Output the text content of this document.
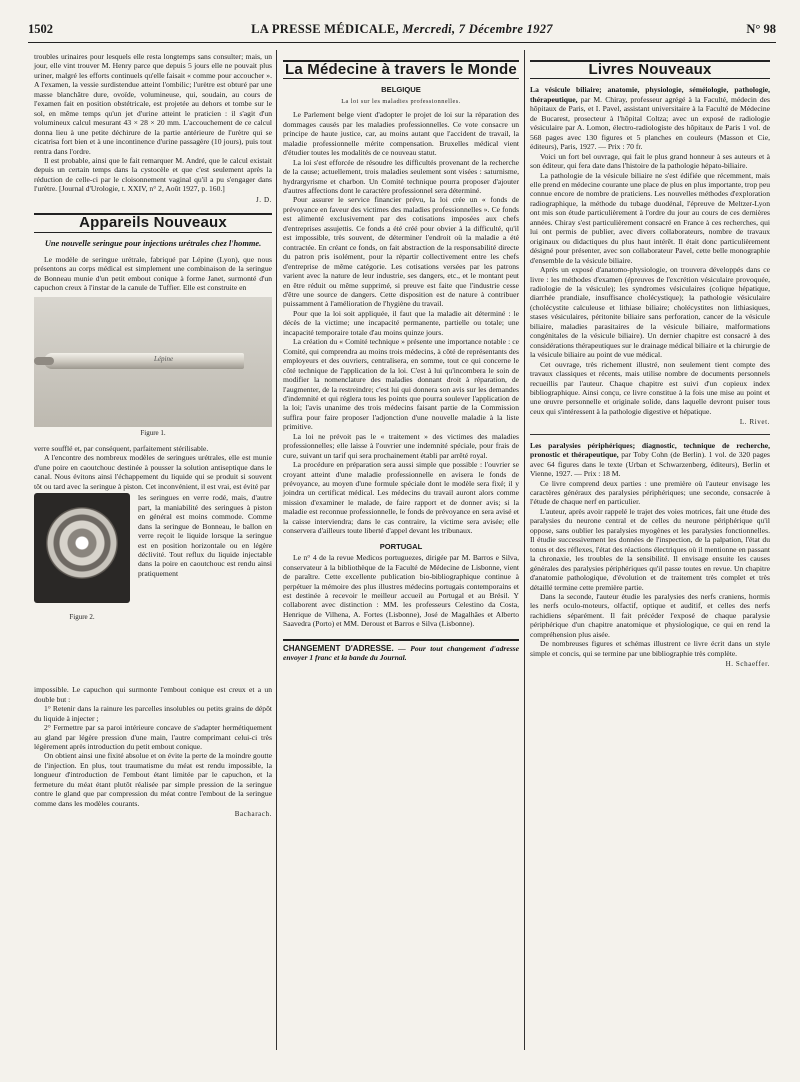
1502	LA PRESSE MÉDICALE, Mercredi, 7 Décembre 1927	N° 98

troubles urinaires pour lesquels elle resta longtemps sans consulter; mais, un jour, elle vint trouver M. Henry parce que depuis 5 jours elle ne pouvait plus uriner, malgré les efforts continuels qu'elle faisait « comme pour accoucher ». A l'examen, la vessie surdistendue atteint l'ombilic; l'urètre est obturé par une masse blanchâtre dure, ovoïde, volumineuse, qui, soudain, au cours de l'examen fait en position obstétricale, est projetée au dehors et tombe sur le sol, en même temps qu'un jet d'urine atteint le praticien : il s'agit d'un volumineux calcul mesurant 43 × 28 × 20 mm. L'accouchement de ce calcul donna lieu à une petite déchirure de la partie antérieure de l'urètre qui se cicatrisa fort bien et à une incontinence d'urine passagère (10 jours), puis tout rentra dans l'ordre.

Il est probable, ainsi que le fait remarquer M. André, que le calcul existait depuis un certain temps dans la cystocèle et que c'est seulement après la réduction de celle-ci par le cloisonnement vaginal qu'il a pu s'engager dans l'urètre. [Journal d'Urologie, t. XXIV, n° 2, Août 1927, p. 160.]

J. D.
Appareils Nouveaux
Une nouvelle seringue pour injections urétrales chez l'homme.

Le modèle de seringue urétrale, fabriqué par Lépine (Lyon), que nous présentons au corps médical est simplement une combinaison de la seringue de Bonneau munie d'un petit embout conique à forme Janet, surmonté d'un capuchon creux à l'instar de la canule de Tuffier. Elle est construite en

Lépine
Figure 1.

verre soufflé et, par conséquent, parfaitement stérilisable.

A l'encontre des nombreux modèles de seringues urétrales, elle est munie d'une poire en caoutchouc destinée à pousser la solution antiseptique dans le canal. Nous évitons ainsi l'échappement du liquide qui se produit si souvent tôt ou tard avec la seringue à piston. Cet inconvénient, il est vrai, est évité par

Figure 2.

les seringues en verre rodé, mais, d'autre part, la maniabilité des seringues à piston en général est moins commode. Comme dans la seringue de Bonneau, le ballon en verre reçoit le liquide lorsque la seringue est en position horizontale ou en légère déclivité. Tout reflux du liquide injectable dans la poire en caoutchouc est rendu ainsi pratiquement

impossible. Le capuchon qui surmonte l'embout conique est creux et a un double but :

1° Retenir dans la rainure les parcelles insolubles ou petits grains de dépôt du liquide à injecter ;

2° Fermettre par sa paroi intérieure concave de s'adapter hermétiquement au gland par légère pression d'une main, l'autre comprimant celui-ci très légèrement après introduction du petit embout conique.

On obtient ainsi une fixité absolue et on évite la perte de la moindre goutte de l'injection. En plus, tout traumatisme du méat est rendu impossible, la longueur d'introduction de l'embout étant limitée par le capuchon, et la fermeture du méat étant plutôt réalisée par simple pression de la seringue contre le gland que par compression du méat contre l'embout de la seringue comme dans les modèles courants.

Bacharach.
La Médecine à travers le Monde
BELGIQUE
La loi sur les maladies professionnelles.

Le Parlement belge vient d'adopter le projet de loi sur la réparation des dommages causés par les maladies professionnelles. Ce vote consacre un principe de haute justice, car, au moins autant que l'accident de travail, la maladie professionnelle mérite compensation. Bruxelles médical vient d'étudier toutes les modalités de ce nouveau statut.

La loi s'est efforcée de résoudre les difficultés provenant de la recherche de la cause; actuellement, trois maladies seulement sont visées : saturnisme, hydrargyrisme et charbon. Un Comité technique pourra proposer d'ajouter d'autres affections dont le caractère professionnel sera déterminé.

Pour assurer le service financier prévu, la loi crée un « fonds de prévoyance en faveur des victimes des maladies professionnelles ». Ce fonds est alimenté exclusivement par des cotisations imposées aux chefs d'entreprises assujettis. Ce fonds a été créé pour obvier à la difficulté, qu'il est impossible, très souvent, de déterminer l'endroit où la maladie a été contractée. En créant ce fonds, on fait abstraction de la responsabilité directe du patron pris isolément, pour la répartir collectivement entre les chefs d'entreprise de même catégorie. Les cotisations versées par les patrons varient avec la nature de leur industrie, ses dangers, etc., et le montant peut en être réduit ou même supprimé, si preuve est faite que l'industrie cesse d'être une source de dangers. Cette disposition est de nature à contribuer puissamment à l'amélioration de l'hygiène du travail.

Pour que la loi soit appliquée, il faut que la maladie ait déterminé : le décès de la victime; une incapacité permanente, partielle ou totale; une incapacité temporaire totale d'au moins quinze jours.

La création du « Comité technique » présente une importance notable : ce Comité, qui comprendra au moins trois médecins, à côté de représentants des employeurs et des ouvriers, centralisera, en somme, tout ce qui concerne le côté technique de l'application de la loi. C'est à lui qu'incombera le soin de modifier la nomenclature des maladies donnant droit à réparation, de l'augmenter, de la restreindre; c'est lui qui donnera son avis sur les demandes d'indemnité et qui réglera tous les points que pourra soulever l'application de la loi; l'avis unanime des trois médecins faisant partie de la Commission suffira pour faire proposer l'adjonction d'une nouvelle maladie à la liste primitive.

La loi ne prévoit pas le « traitement » des victimes des maladies professionnelles; elle laisse à l'ouvrier une indemnité spéciale, pour frais de cure, suivant un tarif qui sera prochainement établi par arrêté royal.

La procédure en préparation sera aussi simple que possible : l'ouvrier se croyant atteint d'une maladie professionnelle en avisera le fonds de prévoyance, au moyen d'une formule spéciale dont le modèle sera fixé; il y joindra un certificat médical. Les médecins du travail auront alors comme mission d'examiner le malade, de faire rapport et de donner avis; si la maladie est reconnue professionnelle, le fonds de prévoyance en sera avisé et la caisse interviendra; dans le cas contraire, la victime sera avisée; elle conservera d'ailleurs toute liberté d'appel devant les tribunaux.

PORTUGAL

Le n° 4 de la revue Medicos portuguezes, dirigée par M. Barros e Silva, conservateur à la bibliothèque de la Faculté de Médecine de Lisbonne, vient de paraître. Cette excellente publication bio-bibliographique continue à perpétuer la mémoire des plus illustres médecins portugais contemporains et est destinée à recevoir le meilleur accueil au Portugal et au Brésil. Y collaborent avec distinction : MM. les professeurs Celestino da Costa, Henrique de Vilhena, A. Fortes (Lisbonne), José de Magalhães et Alberto Saavedra (Porto) et MM. Deroust et Barros e Silva (Lisbonne).

CHANGEMENT D'ADRESSE. — Pour tout changement d'adresse envoyer 1 franc et la bande du Journal.
Livres Nouveaux

La vésicule biliaire; anatomie, physiologie, séméiologie, pathologie, thérapeutique, par M. Chiray, professeur agrégé à la Faculté, médecin des hôpitaux de Paris, et I. Pavel, assistant universitaire à la Faculté de Médecine de Bucarest, prosecteur à l'hôpital Coltza; avec un exposé de radiologie vésiculaire par A. Lomon, électro-radiologiste des hôpitaux de Paris 1 vol. de 568 pages avec 130 figures et 5 planches en couleurs (Masson et Cie, éditeurs), Paris, 1927. — Prix : 70 fr.

Voici un fort bel ouvrage, qui fait le plus grand honneur à ses auteurs et à son éditeur, qui fera date dans l'histoire de la pathologie hépato-biliaire.

La pathologie de la vésicule biliaire ne s'est édifiée que récemment, mais elle prend en médecine courante une place de plus en plus importante, trop peu connue encore de nombre de praticiens. Les nouvelles méthodes d'exploration radiographique, la méthode du tubage duodénal, l'épreuve de Meltzer-Lyon ont mis son étude particulièrement à l'ordre du jour au cours de ces dernières années. Chiray s'est particulièrement consacré en France à ces recherches, qui lui ont permis de publier, avec divers collaborateurs, nombre de travaux originaux ou didactiques du plus haut intérêt. Il était donc particulièrement désigné pour présenter, avec son collaborateur Pavel, cette belle monographie d'ensemble de la vésicule biliaire.

Après un exposé d'anatomo-physiologie, on trouvera développés dans ce livre : les méthodes d'examen (épreuves de l'excrétion vésiculaire provoquée, radiologie de la vésicule); les syndromes vésiculaires (colique hépatique, diarrhée prandiale, insuffisance cholécystique); la pathologie vésiculaire (cholécystite calculeuse et lithiase biliaire; cholécystites non lithiasiques, stases vésiculaires, péritonite biliaire sans perforation, cancer de la vésicule biliaire, maladies parasitaires de la vésicule biliaire, malformations congénitales de la vésicule biliaire). Un dernier chapitre est consacré à des considérations thérapeutiques sur le drainage médical biliaire et la chirurgie de la vésicule biliaire au point de vue médical.

Cet ouvrage, très richement illustré, non seulement tient compte des travaux classiques et récents, mais utilise nombre de documents personnels recueillis par l'auteur. Chaque chapitre est suivi d'un copieux index bibliographique. Ainsi conçu, ce livre constitue à la fois une mise au point et une œuvre personnelle et originale solide, dans laquelle devront puiser tous ceux qui s'intéressent à la pathologie digestive et hépatique.

L. Rivet.

Les paralysies périphériques; diagnostic, technique de recherche, pronostic et thérapeutique, par Toby Cohn (de Berlin). 1 vol. de 320 pages avec 64 figures dans le texte (Urban et Schwarzenberg, éditeurs), Berlin et Vienne, 1927. — Prix : 18 M.

Ce livre comprend deux parties : une première où l'auteur envisage les caractères généraux des paralysies périphériques; une seconde, consacrée à l'étude de chaque nerf en particulier.

L'auteur, après avoir rappelé le trajet des voies motrices, fait une étude des paralysies du neurone central et de celles du neurone périphérique qu'il oppose, sans oublier les paralysies myogènes et les paralysies fonctionnelles. Il étudie successivement les données de l'inspection, de la palpation, l'état du tonus et des réflexes, l'état des réactions électriques où il mentionne en passant la chronaxie, les troubles de la sensibilité. Il envisage ensuite les causes générales des paralysies périphériques qu'il passe toutes en revue. Un chapitre d'anatomie pathologique, d'évolution et de traitement très complet et très détaillé termine cette première partie.

Dans la seconde, l'auteur étudie les paralysies des nerfs craniens, hormis les nerfs oculo-moteurs, olfactif, optique et auditif, et celles des nerfs rachidiens séparément. Il fait précéder l'exposé de chaque paralysie périphérique d'un chapitre anatomique et physiologique, ce qui en rend la compréhension plus aisée.

De nombreuses figures et schémas illustrent ce livre écrit dans un style simple et concis, qui se termine par une bibliographie très complète.

H. Schaeffer.
